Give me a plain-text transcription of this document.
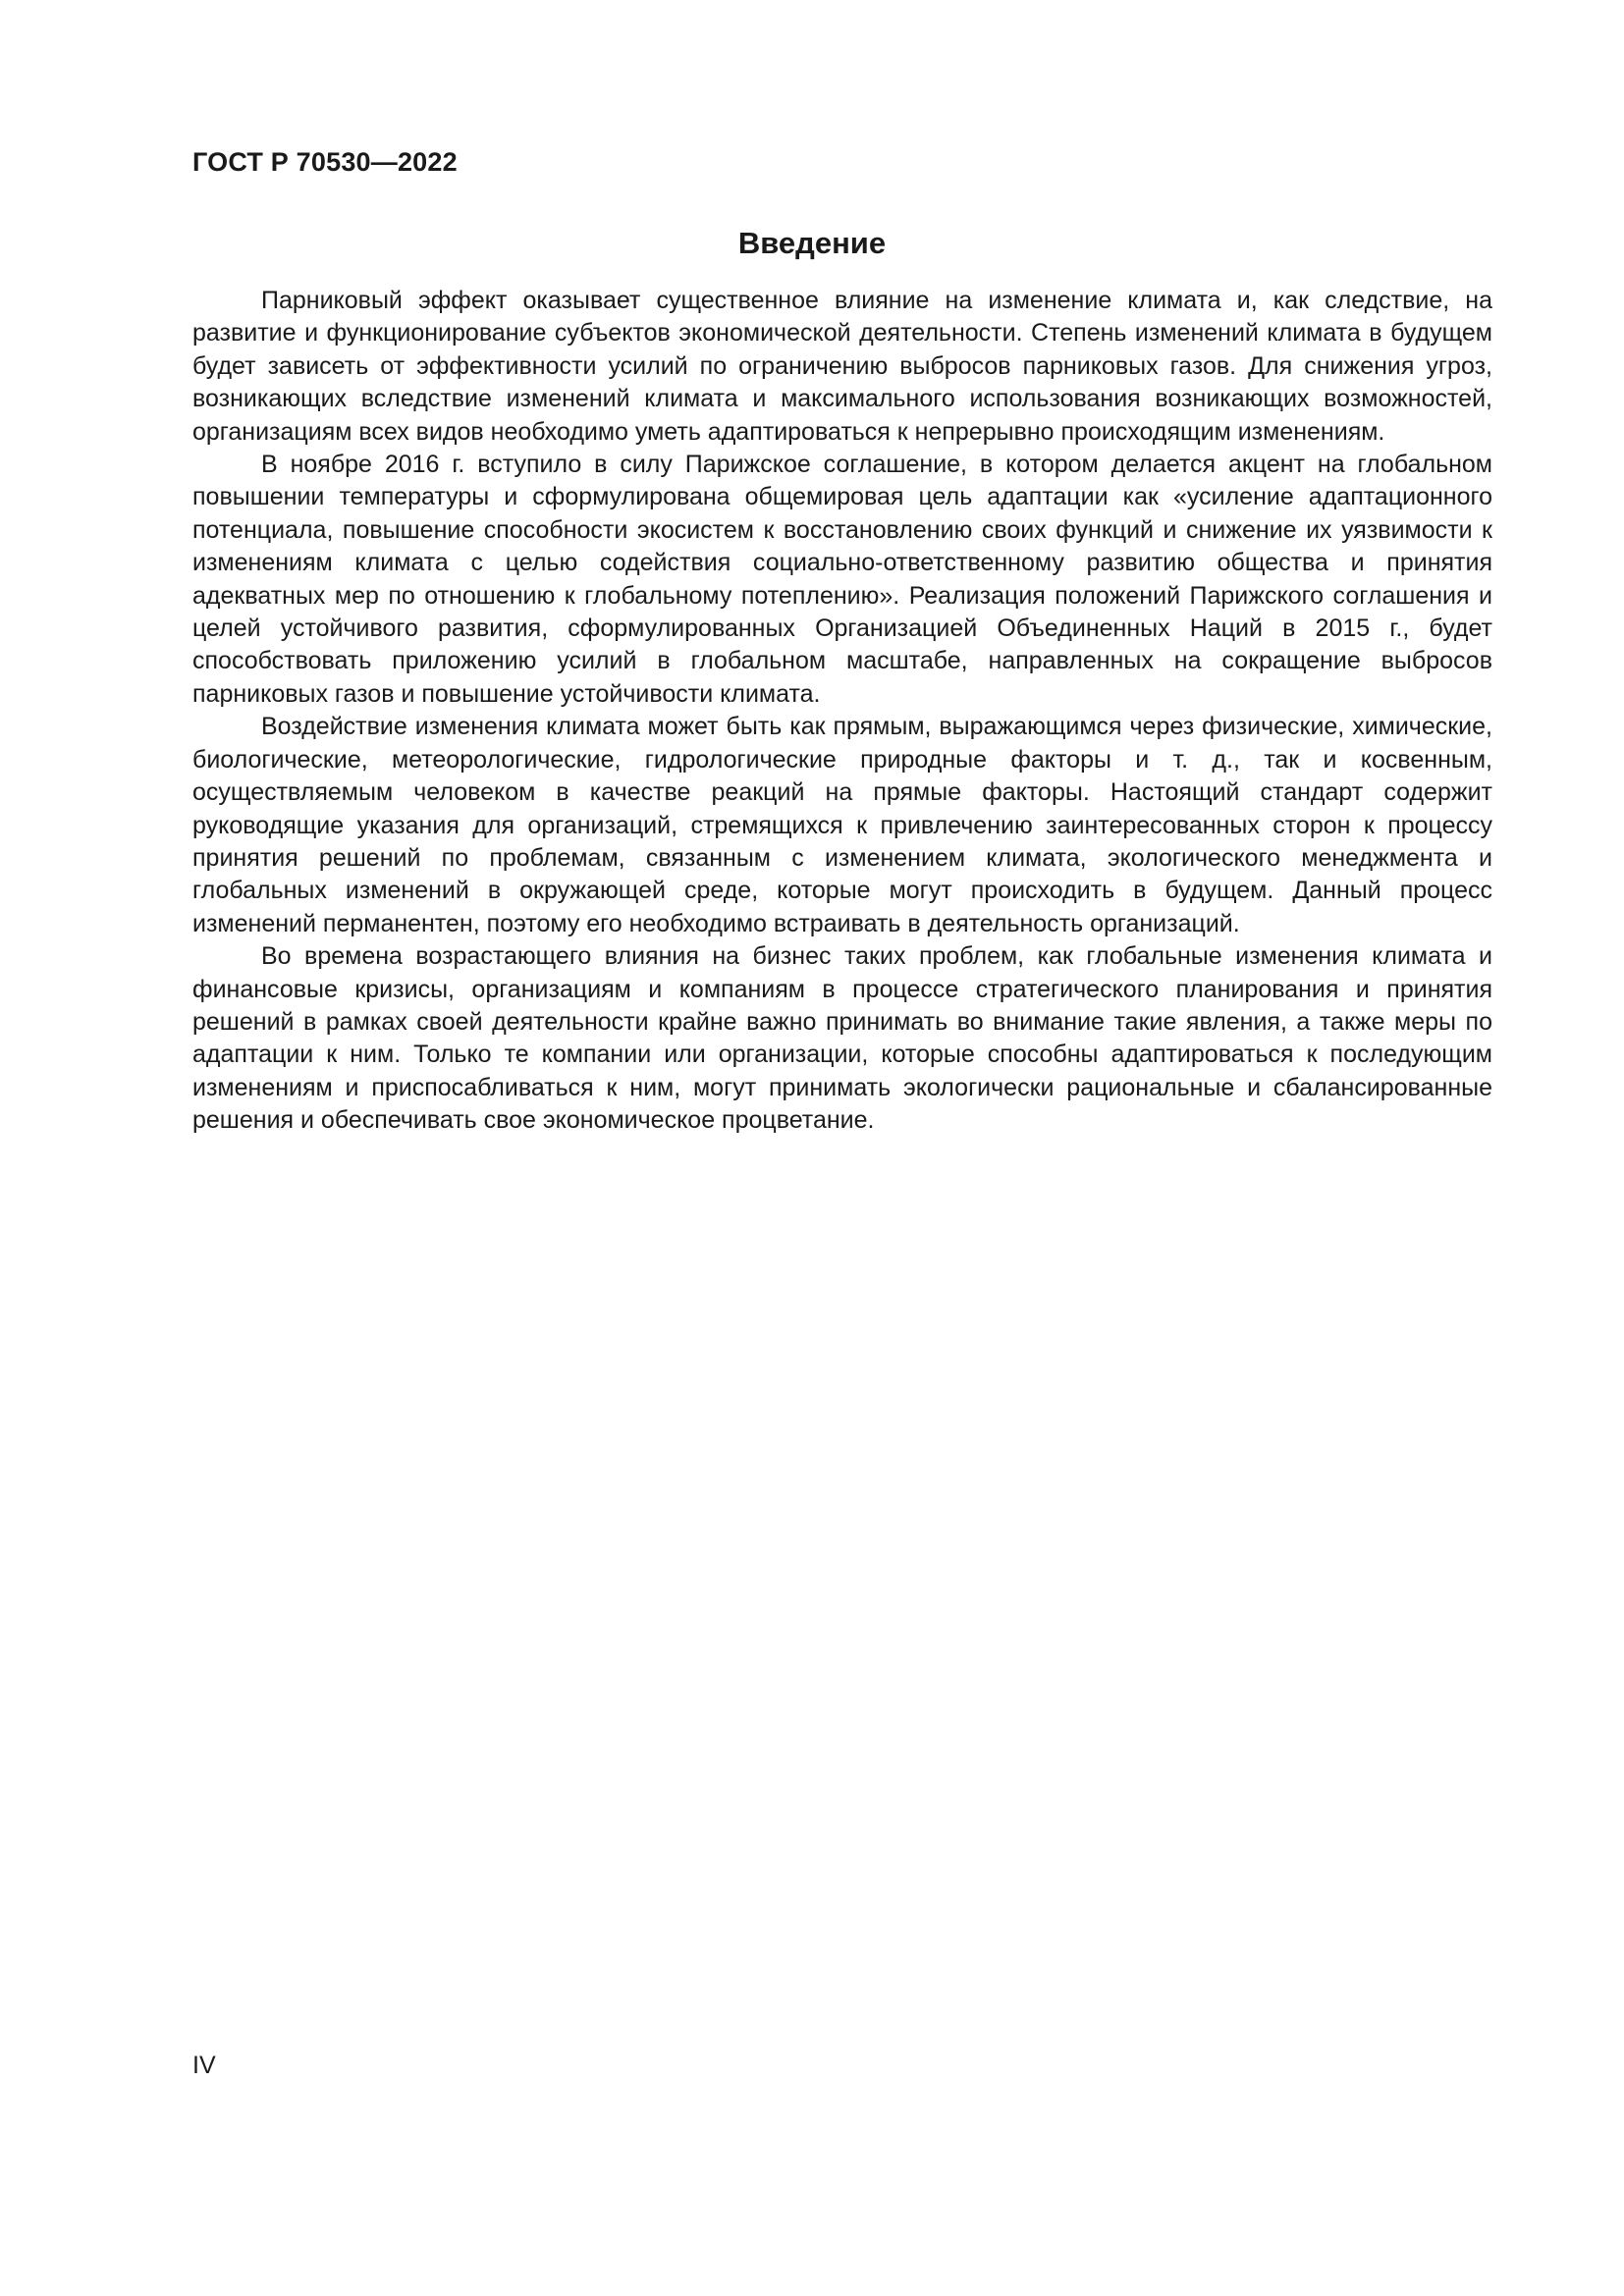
ГОСТ Р 70530—2022
Введение

Парниковый эффект оказывает существенное влияние на изменение климата и, как следствие, на развитие и функционирование субъектов экономической деятельности. Степень изменений климата в будущем будет зависеть от эффективности усилий по ограничению выбросов парниковых газов. Для снижения угроз, возникающих вследствие изменений климата и максимального использования возникающих возможностей, организациям всех видов необходимо уметь адаптироваться к непрерывно происходящим изменениям.

В ноябре 2016 г. вступило в силу Парижское соглашение, в котором делается акцент на глобальном повышении температуры и сформулирована общемировая цель адаптации как «усиление адаптационного потенциала, повышение способности экосистем к восстановлению своих функций и снижение их уязвимости к изменениям климата с целью содействия социально-ответственному развитию общества и принятия адекватных мер по отношению к глобальному потеплению». Реализация положений Парижского соглашения и целей устойчивого развития, сформулированных Организацией Объединенных Наций в 2015 г., будет способствовать приложению усилий в глобальном масштабе, направленных на сокращение выбросов парниковых газов и повышение устойчивости климата.

Воздействие изменения климата может быть как прямым, выражающимся через физические, химические, биологические, метеорологические, гидрологические природные факторы и т. д., так и косвенным, осуществляемым человеком в качестве реакций на прямые факторы. Настоящий стандарт содержит руководящие указания для организаций, стремящихся к привлечению заинтересованных сторон к процессу принятия решений по проблемам, связанным с изменением климата, экологического менеджмента и глобальных изменений в окружающей среде, которые могут происходить в будущем. Данный процесс изменений перманентен, поэтому его необходимо встраивать в деятельность организаций.

Во времена возрастающего влияния на бизнес таких проблем, как глобальные изменения климата и финансовые кризисы, организациям и компаниям в процессе стратегического планирования и принятия решений в рамках своей деятельности крайне важно принимать во внимание такие явления, а также меры по адаптации к ним. Только те компании или организации, которые способны адаптироваться к последующим изменениям и приспосабливаться к ним, могут принимать экологически рациональные и сбалансированные решения и обеспечивать свое экономическое процветание.

IV
